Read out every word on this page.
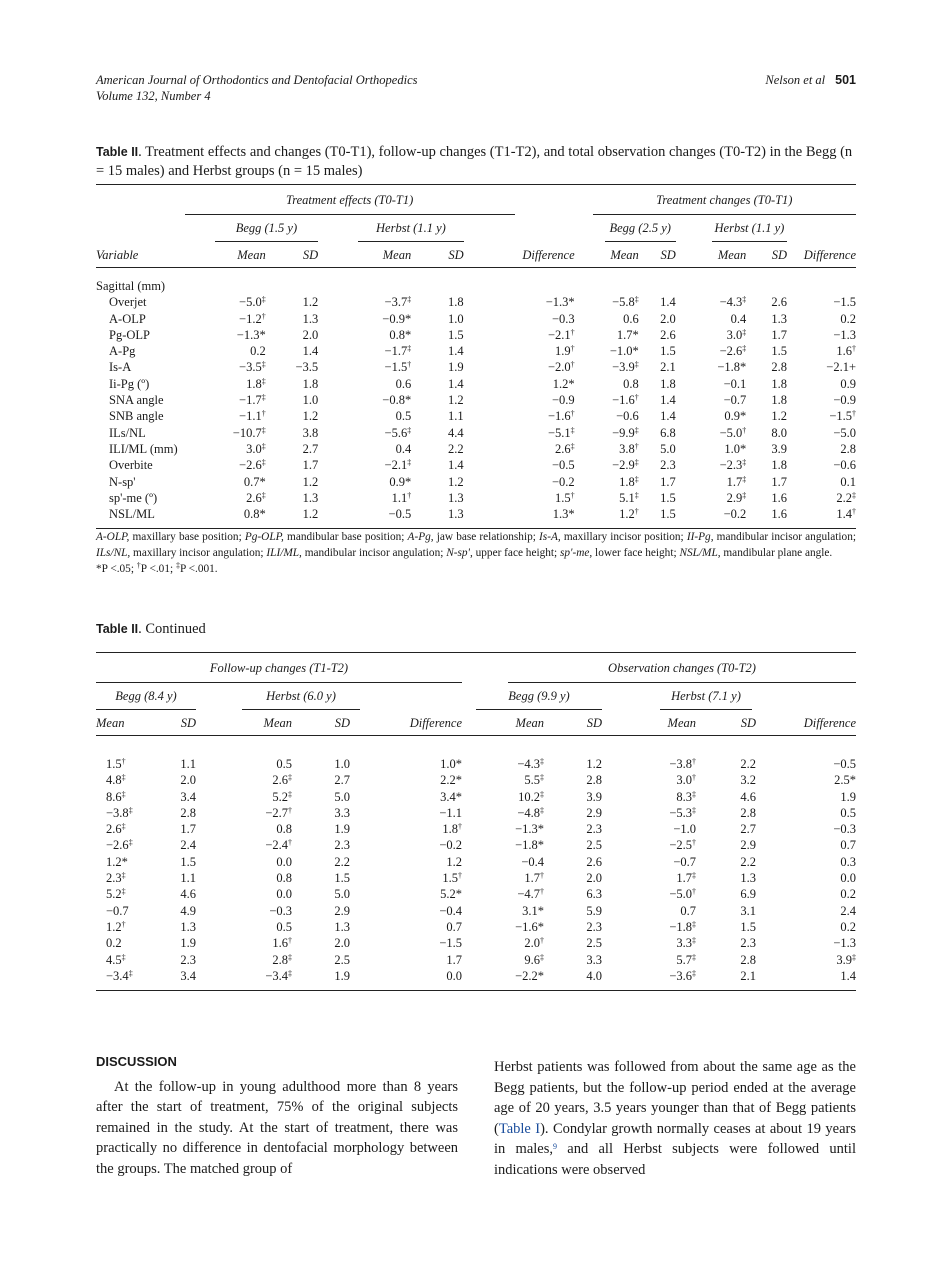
American Journal of Orthodontics and Dentofacial Orthopedics
Volume 132, Number 4
Nelson et al 501
Table II. Treatment effects and changes (T0-T1), follow-up changes (T1-T2), and total observation changes (T0-T2) in the Begg (n = 15 males) and Herbst groups (n = 15 males)

	Treatment effects (T0-T1)					Treatment changes (T0-T1)				

	Begg (1.5 y)		Herbst (1.1 y)			Begg (2.5 y)		Herbst (1.1 y)		

Variable	Mean	SD	Mean	SD	Difference	Mean	SD	Mean	SD	Difference
Sagittal (mm)										
Overjet	−5.0‡	1.2	−3.7‡	1.8	−1.3*	−5.8‡	1.4	−4.3‡	2.6	−1.5
A-OLP	−1.2†	1.3	−0.9*	1.0	−0.3	0.6	2.0	0.4	1.3	0.2
Pg-OLP	−1.3*	2.0	0.8*	1.5	−2.1†	1.7*	2.6	3.0‡	1.7	−1.3
A-Pg	0.2	1.4	−1.7‡	1.4	1.9†	−1.0*	1.5	−2.6‡	1.5	1.6†
Is-A	−3.5‡	−3.5	−1.5†	1.9	−2.0†	−3.9‡	2.1	−1.8*	2.8	−2.1+
Ii-Pg (º)	1.8‡	1.8	0.6	1.4	1.2*	0.8	1.8	−0.1	1.8	0.9
SNA angle	−1.7‡	1.0	−0.8*	1.2	−0.9	−1.6†	1.4	−0.7	1.8	−0.9
SNB angle	−1.1†	1.2	0.5	1.1	−1.6†	−0.6	1.4	0.9*	1.2	−1.5†
ILs/NL	−10.7‡	3.8	−5.6‡	4.4	−5.1‡	−9.9‡	6.8	−5.0†	8.0	−5.0
ILI/ML (mm)	3.0‡	2.7	0.4	2.2	2.6‡	3.8†	5.0	1.0*	3.9	2.8
Overbite	−2.6‡	1.7	−2.1‡	1.4	−0.5	−2.9‡	2.3	−2.3‡	1.8	−0.6
N-sp'	0.7*	1.2	0.9*	1.2	−0.2	1.8‡	1.7	1.7‡	1.7	0.1
sp'-me (º)	2.6‡	1.3	1.1†	1.3	1.5†	5.1‡	1.5	2.9‡	1.6	2.2‡
NSL/ML	0.8*	1.2	−0.5	1.3	1.3*	1.2†	1.5	−0.2	1.6	1.4†

A-OLP, maxillary base position; Pg-OLP, mandibular base position; A-Pg, jaw base relationship; Is-A, maxillary incisor position; II-Pg, mandibular incisor angulation; ILs/NL, maxillary incisor angulation; ILI/ML, mandibular incisor angulation; N-sp', upper face height; sp'-me, lower face height; NSL/ML, mandibular plane angle.
*P <.05; †P <.01; ‡P <.001.
Table II. Continued
Follow-up changes (T1-T2)					Observation changes (T0-T2)				

Begg (8.4 y)		Herbst (6.0 y)			Begg (9.9 y)		Herbst (7.1 y)		

Mean	SD	Mean	SD	Difference	Mean	SD	Mean	SD	Difference

1.5†	1.1	0.5	1.0	1.0*	−4.3‡	1.2	−3.8†	2.2	−0.5
4.8‡	2.0	2.6‡	2.7	2.2*	5.5‡	2.8	3.0†	3.2	2.5*
8.6‡	3.4	5.2‡	5.0	3.4*	10.2‡	3.9	8.3‡	4.6	1.9
−3.8‡	2.8	−2.7†	3.3	−1.1	−4.8‡	2.9	−5.3‡	2.8	0.5
2.6‡	1.7	0.8	1.9	1.8†	−1.3*	2.3	−1.0	2.7	−0.3
−2.6‡	2.4	−2.4†	2.3	−0.2	−1.8*	2.5	−2.5†	2.9	0.7
1.2*	1.5	0.0	2.2	1.2	−0.4	2.6	−0.7	2.2	0.3
2.3‡	1.1	0.8	1.5	1.5†	1.7†	2.0	1.7‡	1.3	0.0
5.2‡	4.6	0.0	5.0	5.2*	−4.7†	6.3	−5.0†	6.9	0.2
−0.7	4.9	−0.3	2.9	−0.4	3.1*	5.9	0.7	3.1	2.4
1.2†	1.3	0.5	1.3	0.7	−1.6*	2.3	−1.8‡	1.5	0.2
0.2	1.9	1.6†	2.0	−1.5	2.0†	2.5	3.3‡	2.3	−1.3
4.5‡	2.3	2.8‡	2.5	1.7	9.6‡	3.3	5.7‡	2.8	3.9‡
−3.4‡	3.4	−3.4‡	1.9	0.0	−2.2*	4.0	−3.6‡	2.1	1.4

DISCUSSION

At the follow-up in young adulthood more than 8 years after the start of treatment, 75% of the original subjects remained in the study. At the start of treatment, there was practically no difference in dentofacial morphology between the groups. The matched group of

Herbst patients was followed from about the same age as the Begg patients, but the follow-up period ended at the average age of 20 years, 3.5 years younger than that of Begg patients (Table I). Condylar growth normally ceases at about 19 years in males,$^9$ and all Herbst subjects were followed until indications were observed
